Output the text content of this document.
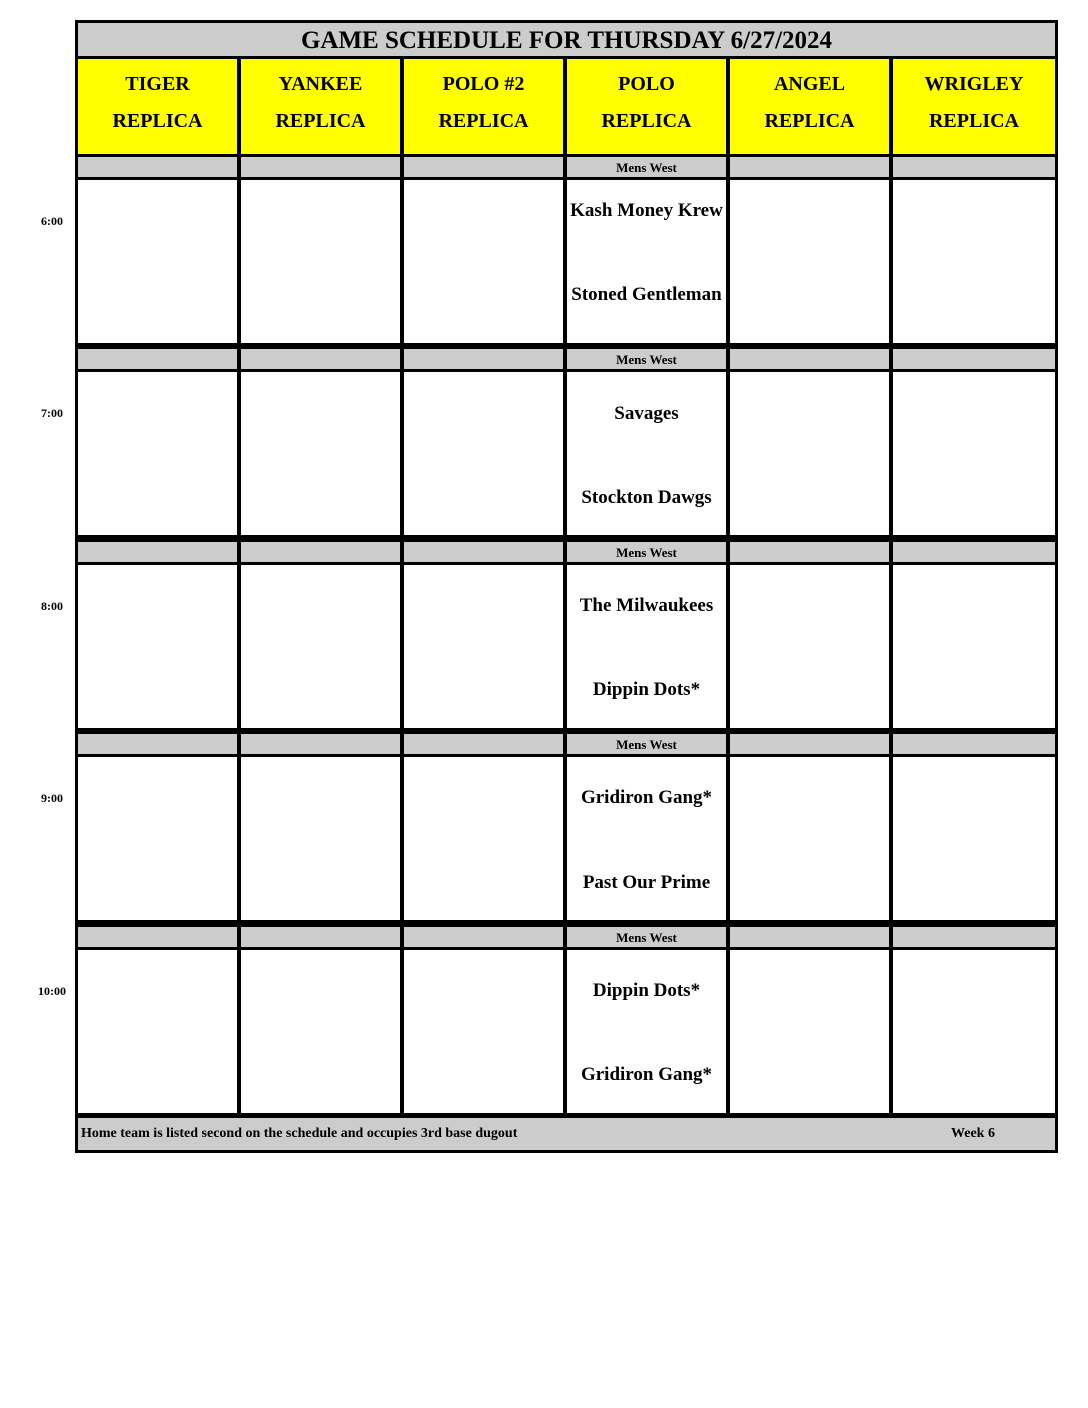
6:00
7:00
8:00
9:00
10:00
GAME SCHEDULE FOR THURSDAY 6/27/2024
TIGER
REPLICA
YANKEE
REPLICA
POLO #2
REPLICA
POLO
REPLICA
Mens West
Kash Money Krew
Stoned Gentleman
Mens West
Savages
Stockton Dawgs
Mens West
The Milwaukees
Dippin Dots*
Mens West
Gridiron Gang*
Past Our Prime
Mens West
Dippin Dots*
Gridiron Gang*
ANGEL
REPLICA
WRIGLEY
REPLICA
Home team is listed second on the schedule and occupies 3rd base dugout	Week 6
